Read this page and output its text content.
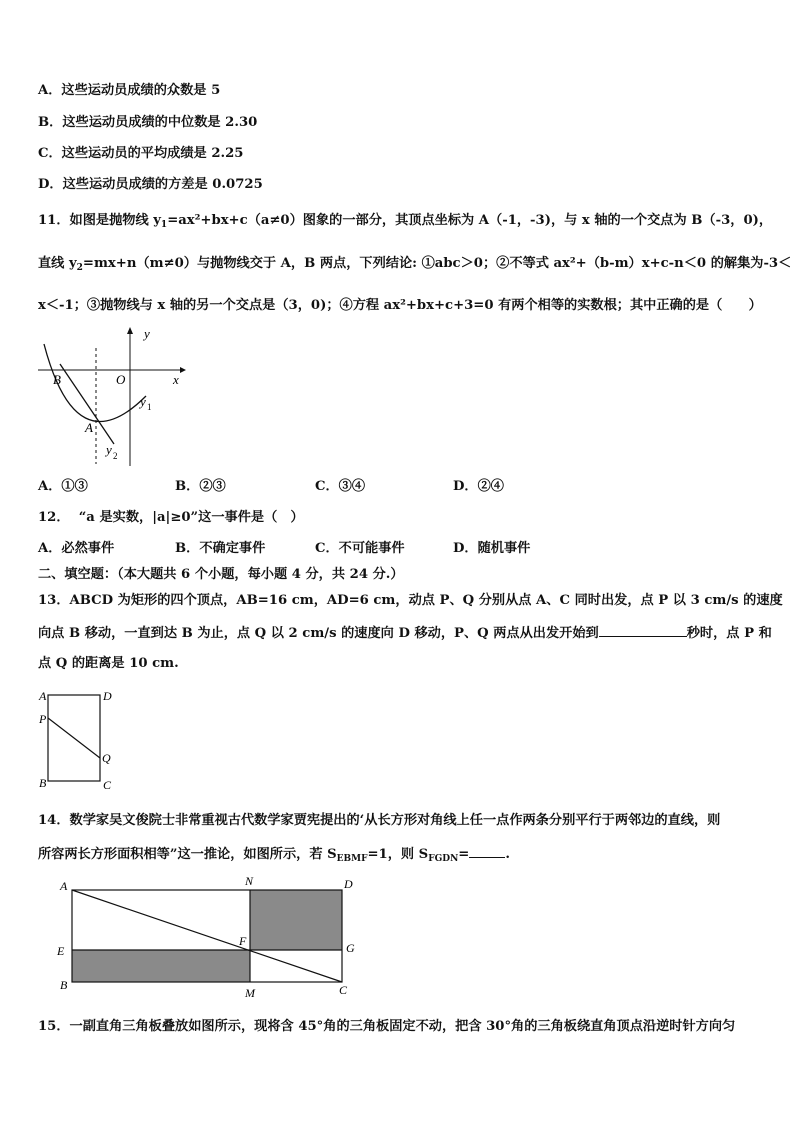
A．这些运动员成绩的众数是 5
B．这些运动员成绩的中位数是 2.30
C．这些运动员的平均成绩是 2.25
D．这些运动员成绩的方差是 0.0725
11．如图是抛物线 $y_1=ax^2+bx+c(a\ne 0)$图象的一部分，其顶点坐标为 A（-1，-3)，与 x 轴的一个交点为 B（-3，0)，
直线 $y_2=mx+n(m\ne 0)$与抛物线交于 A，B 两点，下列结论: ①abc＞0；②不等式 ax²+（b-m）x+c-n＜0 的解集为-3＜
x＜-1；③抛物线与 x 轴的另一个交点是（3，0)；④方程 ax²+bx+c+3=0 有两个相等的实数根；其中正确的是（　　）
y
x
O
B
A
y 1
y 2
A．①③	B．②③	C．③④	D．②④
12．  “a 是实数，|a|≥0”这一事件是（　）
A．必然事件	B．不确定事件	C．不可能事件	D．随机事件
二、填空题：（本大题共 6 个小题，每小题 4 分，共 24 分.）
13．ABCD 为矩形的四个顶点，AB=16 cm，AD=6 cm，动点 P、Q 分别从点 A、C 同时出发，点 P 以 3 cm/s 的速度
向点 B 移动，一直到达 B 为止，点 Q 以 2 cm/s 的速度向 D 移动，P、Q 两点从出发开始到	秒时，点 P 和
点 Q 的距离是 10 cm.
A	D
P
Q
B	C
14．数学家吴文俊院士非常重视古代数学家贾宪提出的‘从长方形对角线上任一点作两条分别平行于两邻边的直线，则
所容两长方形面积相等”这一推论，如图所示，若 $S_{EBMF}=1$，则 $S_{FGDN}=$	.
A	N	D
E
F	G
B
M	C
15．一副直角三角板叠放如图所示，现将含 45°角的三角板固定不动，把含 30°角的三角板绕直角顶点沿逆时针方向匀
